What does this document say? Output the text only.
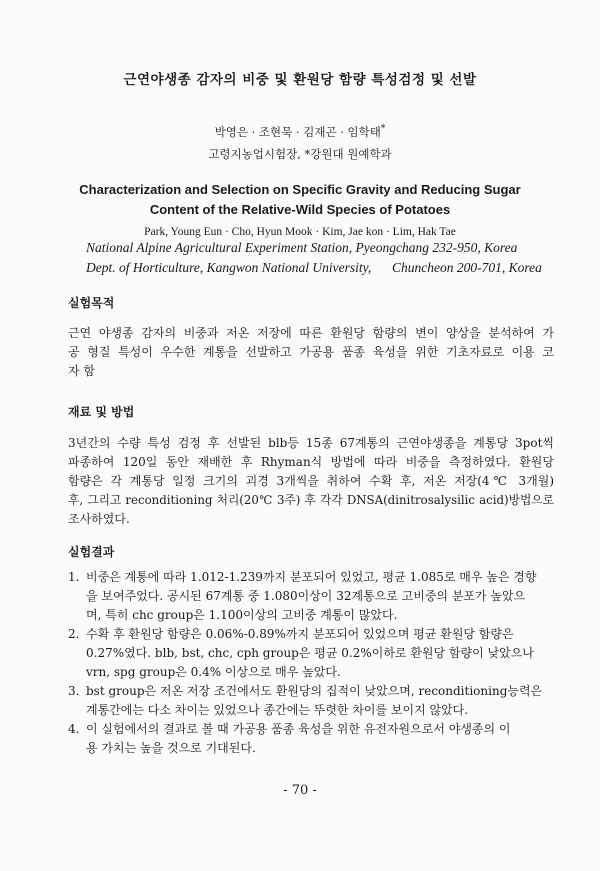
근연야생종 감자의 비중 및 환원당 함량 특성검정 및 선발
박영은 · 조현묵 · 김재곤 · 임학태*
고령지농업시험장, *강원대 원예학과
Characterization and Selection on Specific Gravity and Reducing Sugar
Content of the Relative-Wild Species of Potatoes
Park, Young Eun · Cho, Hyun Mook · Kim, Jae kon · Lim, Hak Tae
National Alpine Agricultural Experiment Station, Pyeongchang 232-950, Korea
Dept. of Horticulture, Kangwon National University, Chuncheon 200-701, Korea
실험목적
근연 야생종 감자의 비중과 저온 저장에 따른 환원당 함량의 변이 양상을 분석하여 가
공 형질 특성이 우수한 계통을 선발하고 가공용 품종 육성을 위한 기초자료로 이용 코
자 함
재료 및 방법
3년간의 수량 특성 검정 후 선발된 blb등 15종 67계통의 근연야생종을 계통당 3pot씩
파종하여 120일 동안 재배한 후 Rhyman식 방법에 따라 비중을 측정하였다. 환원당
함량은 각 계통당 일정 크기의 괴경 3개씩을 취하여 수확 후, 저온 저장(4℃ 3개월)
후, 그리고 reconditioning 처리(20℃ 3주) 후 각각 DNSA(dinitrosalysilic acid)방법으로
조사하였다.
실험결과
1. 비중은 계통에 따라 1.012-1.239까지 분포되어 있었고, 평균 1.085로 매우 높은 경향
을 보여주었다. 공시된 67계통 중 1.080이상이 32계통으로 고비중의 분포가 높았으
며, 특히 chc group은 1.100이상의 고비중 계통이 많았다.
2. 수확 후 환원당 함량은 0.06%-0.89%까지 분포되어 있었으며 평균 환원당 함량은
0.27%였다. blb, bst, chc, cph group은 평균 0.2%이하로 환원당 함량이 낮았으나
vrn, spg group은 0.4% 이상으로 매우 높았다.
3. bst group은 저온 저장 조건에서도 환원당의 집적이 낮았으며, reconditioning능력은
계통간에는 다소 차이는 있었으나 종간에는 뚜렷한 차이를 보이지 않았다.
4. 이 실험에서의 결과로 볼 때 가공용 품종 육성을 위한 유전자원으로서 야생종의 이
용 가치는 높을 것으로 기대된다.
- 70 -
